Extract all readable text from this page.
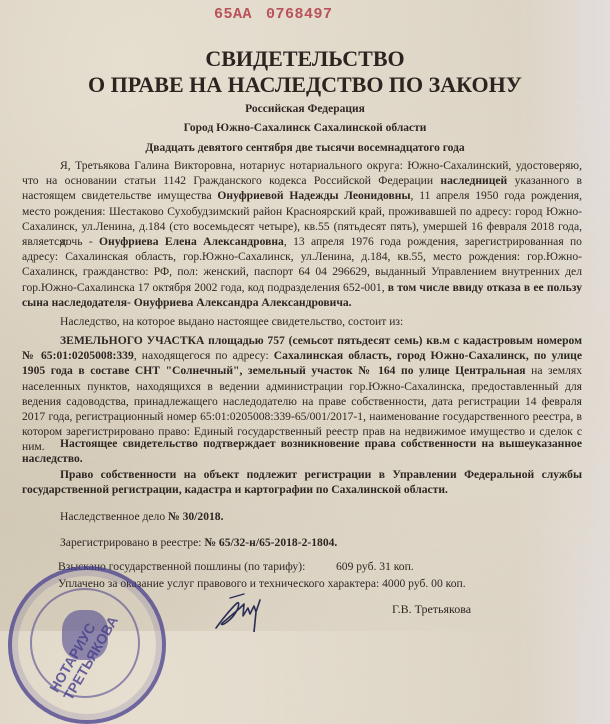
65АА 0768497
СВИДЕТЕЛЬСТВО
О ПРАВЕ НА НАСЛЕДСТВО ПО ЗАКОНУ
Российская Федерация
Город Южно-Сахалинск Сахалинской области
Двадцать девятого сентября две тысячи восемнадцатого года
Я, Третьякова Галина Викторовна, нотариус нотариального округа: Южно-Сахалинский, удостоверяю, что на основании статьи 1142 Гражданского кодекса Российской Федерации наследницей указанного в настоящем свидетельстве имущества Онуфриевой Надежды Леонидовны, 11 апреля 1950 года рождения, место рождения: Шестаково Сухобудзимский район Красноярский край, проживавшей по адресу: город Южно-Сахалинск, ул.Ленина, д.184 (сто восемьдесят четыре), кв.55 (пятьдесят пять), умершей 16 февраля 2018 года, является:
дочь - Онуфриева Елена Александровна, 13 апреля 1976 года рождения, зарегистрированная по адресу: Сахалинская область, гор.Южно-Сахалинск, ул.Ленина, д.184, кв.55, место рождения: гор.Южно-Сахалинск, гражданство: РФ, пол: женский, паспорт 64 04 296629, выданный Управлением внутренних дел гор.Южно-Сахалинска 17 октября 2002 года, код подразделения 652-001, в том числе ввиду отказа в ее пользу сына наследодателя- Онуфриева Александра Александровича.
Наследство, на которое выдано настоящее свидетельство, состоит из:
ЗЕМЕЛЬНОГО УЧАСТКА площадью 757 (семьсот пятьдесят семь) кв.м с кадастровым номером № 65:01:0205008:339, находящегося по адресу: Сахалинская область, город Южно-Сахалинск, по улице 1905 года в составе СНТ "Солнечный", земельный участок № 164 по улице Центральная на землях населенных пунктов, находящихся в ведении администрации гор.Южно-Сахалинска, предоставленный для ведения садоводства, принадлежащего наследодателю на праве собственности, дата регистрации 14 февраля 2017 года, регистрационный номер 65:01:0205008:339-65/001/2017-1, наименование государственного реестра, в котором зарегистрировано право: Единый государственный реестр прав на недвижимое имущество и сделок с ним.	Настоящее свидетельство подтверждает возникновение права собственности на вышеуказанное наследство.
Право собственности на объект подлежит регистрации в Управлении Федеральной службы государственной регистрации, кадастра и картографии по Сахалинской области.
Наследственное дело № 30/2018.
Зарегистрировано в реестре: № 65/32-н/65-2018-2-1804.
Взыскано государственной пошлины (по тарифу):	609 руб. 31 коп.
Уплачено за оказание услуг правового и технического характера: 4000 руб. 00 коп.
НОТАРИУС ТРЕТЬЯКОВА
Г.В. Третьякова
